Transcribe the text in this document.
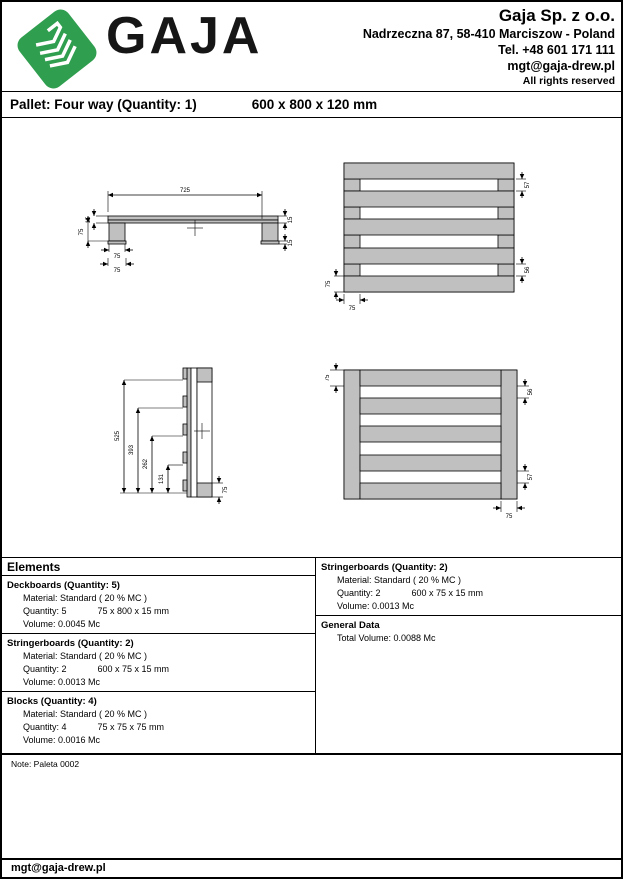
GAJA	Gaja Sp. z o.o.
Nadrzeczna 87, 58-410 Marciszow - Poland
Tel. +48 601 171 111
mgt@gaja-drew.pl
All rights reserved
Pallet: Four way (Quantity: 1)	600 x 800 x 120 mm
725
15
75
75
75
15
15
57
56
75
75
525
393
262
131
75
75
56
57
75
Elements
Deckboards (Quantity: 5)
Material: Standard ( 20 % MC )
Quantity: 5	75 x 800 x 15 mm
Volume: 0.0045 Mc
Stringerboards (Quantity: 2)
Material: Standard ( 20 % MC )
Quantity: 2	600 x 75 x 15 mm
Volume: 0.0013 Mc
Blocks (Quantity: 4)
Material: Standard ( 20 % MC )
Quantity: 4	75 x 75 x 75 mm
Volume: 0.0016 Mc
Stringerboards (Quantity: 2)
Material: Standard ( 20 % MC )
Quantity: 2	600 x 75 x 15 mm
Volume: 0.0013 Mc
General Data
Total Volume: 0.0088 Mc
Note: Paleta 0002
mgt@gaja-drew.pl
